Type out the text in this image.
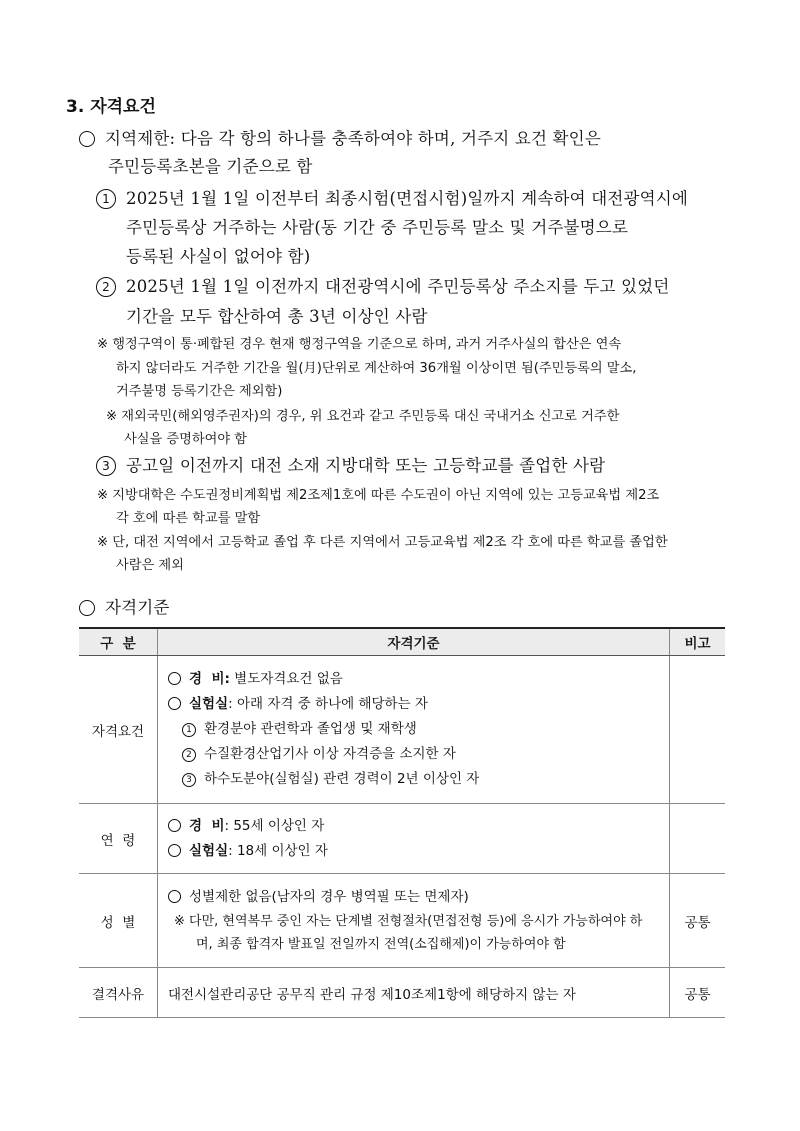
3. 자격요건
지역제한: 다음 각 항의 하나를 충족하여야 하며, 거주지 요건 확인은
주민등록초본을 기준으로 함
1 2025년 1월 1일 이전부터 최종시험(면접시험)일까지 계속하여 대전광역시에
주민등록상 거주하는 사람(동 기간 중 주민등록 말소 및 거주불명으로
등록된 사실이 없어야 함)
2 2025년 1월 1일 이전까지 대전광역시에 주민등록상 주소지를 두고 있었던
기간을 모두 합산하여 총 3년 이상인 사람
※ 행정구역이 통·폐합된 경우 현재 행정구역을 기준으로 하며, 과거 거주사실의 합산은 연속
하지 않더라도 거주한 기간을 월(月)단위로 계산하여 36개월 이상이면 됨(주민등록의 말소,
거주불명 등록기간은 제외함)
※ 재외국민(해외영주권자)의 경우, 위 요건과 같고 주민등록 대신 국내거소 신고로 거주한
사실을 증명하여야 함
3 공고일 이전까지 대전 소재 지방대학 또는 고등학교를 졸업한 사람
※ 지방대학은 수도권정비계획법 제2조제1호에 따른 수도권이 아닌 지역에 있는 고등교육법 제2조
각 호에 따른 학교를 말함
※ 단, 대전 지역에서 고등학교 졸업 후 다른 지역에서 고등교육법 제2조 각 호에 따른 학교를 졸업한
사람은 제외
자격기준
구  분	자격기준	비고
자격요건	경  비: 별도자격요건 없음
실험실: 아래 자격 중 하나에 해당하는 자
1 환경분야 관련학과 졸업생 및 재학생
2 수질환경산업기사 이상 자격증을 소지한 자
3 하수도분야(실험실) 관련 경력이 2년 이상인 자	

연  령	경  비: 55세 이상인 자
실험실: 18세 이상인 자	

성  별	성별제한 없음(남자의 경우 병역필 또는 면제자)
※ 다만, 현역복무 중인 자는 단계별 전형절차(면접전형 등)에 응시가 가능하여야 하
며, 최종 합격자 발표일 전일까지 전역(소집해제)이 가능하여야 함	공통
결격사유	대전시설관리공단 공무직 관리 규정 제10조제1항에 해당하지 않는 자	공통
